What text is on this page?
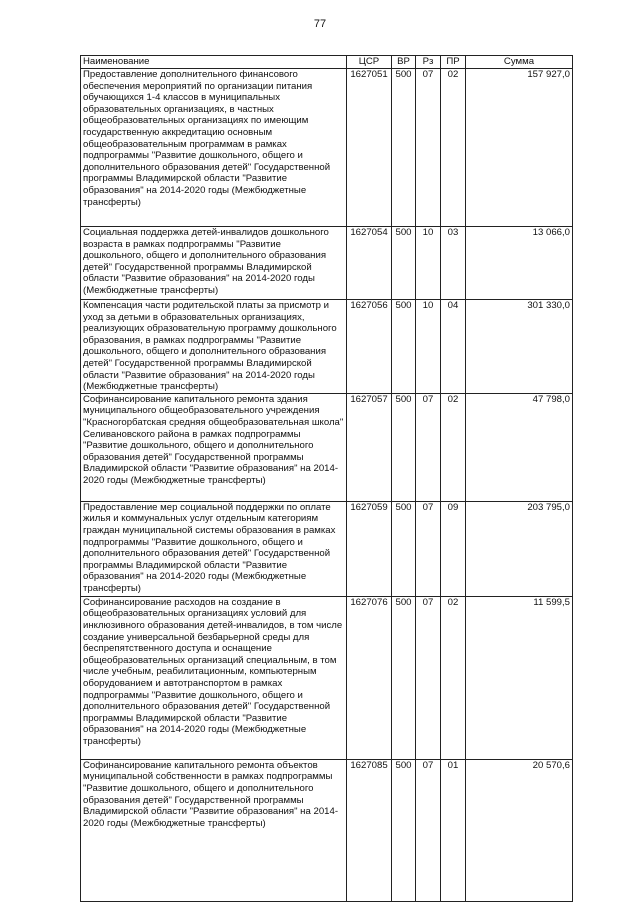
77
Наименование	ЦСР	ВР	Рз	ПР	Сумма
Предоставление дополнительного финансового обеспечения мероприятий по организации питания обучающихся 1-4 классов в муниципальных образовательных организациях, в частных общеобразовательных организациях по имеющим государственную аккредитацию основным общеобразовательным программам в рамках подпрограммы "Развитие дошкольного, общего и дополнительного образования детей" Государственной программы Владимирской области "Развитие образования" на 2014-2020 годы (Межбюджетные трансферты)	1627051	500	07	02	157 927,0
Социальная поддержка детей-инвалидов дошкольного возраста в рамках подпрограммы "Развитие дошкольного, общего и дополнительного образования детей" Государственной программы Владимирской области "Развитие образования" на 2014-2020 годы (Межбюджетные трансферты)	1627054	500	10	03	13 066,0
Компенсация части родительской платы за присмотр и уход за детьми в образовательных организациях, реализующих образовательную программу дошкольного образования, в рамках подпрограммы "Развитие дошкольного, общего и дополнительного образования детей" Государственной программы Владимирской области "Развитие образования" на 2014-2020 годы (Межбюджетные трансферты)	1627056	500	10	04	301 330,0
Софинансирование капитального ремонта здания муниципального общеобразовательного учреждения "Красногорбатская средняя общеобразовательная школа" Селивановского района в рамках подпрограммы "Развитие дошкольного, общего и дополнительного образования детей" Государственной программы Владимирской области "Развитие образования" на 2014-2020 годы (Межбюджетные трансферты)	1627057	500	07	02	47 798,0
Предоставление мер социальной поддержки по оплате жилья и коммунальных услуг отдельным категориям граждан муниципальной системы образования в рамках подпрограммы "Развитие дошкольного, общего и дополнительного образования детей" Государственной программы Владимирской области "Развитие образования" на 2014-2020 годы (Межбюджетные трансферты)	1627059	500	07	09	203 795,0
Софинансирование расходов на создание в общеобразовательных организациях условий для инклюзивного образования детей-инвалидов, в том числе создание универсальной безбарьерной среды для беспрепятственного доступа и оснащение общеобразовательных организаций специальным, в том числе учебным, реабилитационным, компьютерным оборудованием и автотранспортом в рамках подпрограммы "Развитие дошкольного, общего и дополнительного образования детей" Государственной программы Владимирской области "Развитие образования" на 2014-2020 годы (Межбюджетные трансферты)	1627076	500	07	02	11 599,5
Софинансирование капитального ремонта объектов муниципальной собственности в рамках подпрограммы "Развитие дошкольного, общего и дополнительного образования детей" Государственной программы Владимирской области "Развитие образования" на 2014-2020 годы (Межбюджетные трансферты)	1627085	500	07	01	20 570,6
